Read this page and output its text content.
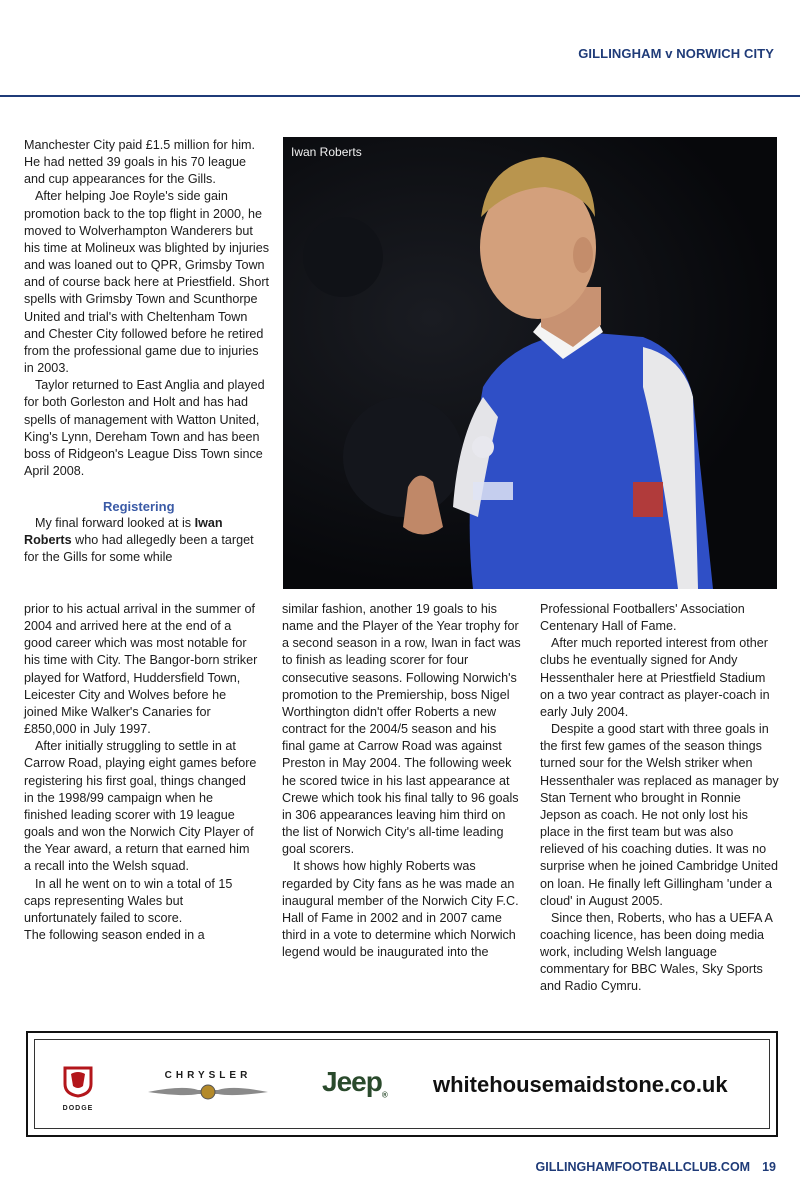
GILLINGHAM v NORWICH CITY

Manchester City paid £1.5 million for him. He had netted 39 goals in his 70 league and cup appearances for the Gills.

After helping Joe Royle's side gain promotion back to the top flight in 2000, he moved to Wolverhampton Wanderers but his time at Molineux was blighted by injuries and was loaned out to QPR, Grimsby Town and of course back here at Priestfield. Short spells with Grimsby Town and Scunthorpe United and trial's with Cheltenham Town and Chester City followed before he retired from the professional game due to injuries in 2003.

Taylor returned to East Anglia and played for both Gorleston and Holt and has had spells of management with Watton United, King's Lynn, Dereham Town and has been boss of Ridgeon's League Diss Town since April 2008.

Registering

My final forward looked at is Iwan Roberts who had allegedly been a target for the Gills for some while

Iwan Roberts

prior to his actual arrival in the summer of 2004 and arrived here at the end of a good career which was most notable for his time with City. The Bangor-born striker played for Watford, Huddersfield Town, Leicester City and Wolves before he joined Mike Walker's Canaries for £850,000 in July 1997.

After initially struggling to settle in at Carrow Road, playing eight games before registering his first goal, things changed in the 1998/99 campaign when he finished leading scorer with 19 league goals and won the Norwich City Player of the Year award, a return that earned him a recall into the Welsh squad.

In all he went on to win a total of 15 caps representing Wales but unfortunately failed to score.

The following season ended in a

similar fashion, another 19 goals to his name and the Player of the Year trophy for a second season in a row, Iwan in fact was to finish as leading scorer for four consecutive seasons. Following Norwich's promotion to the Premiership, boss Nigel Worthington didn't offer Roberts a new contract for the 2004/5 season and his final game at Carrow Road was against Preston in May 2004. The following week he scored twice in his last appearance at Crewe which took his final tally to 96 goals in 306 appearances leaving him third on the list of Norwich City's all-time leading goal scorers.

It shows how highly Roberts was regarded by City fans as he was made an inaugural member of the Norwich City F.C. Hall of Fame in 2002 and in 2007 came third in a vote to determine which Norwich legend would be inaugurated into the

Professional Footballers' Association Centenary Hall of Fame.

After much reported interest from other clubs he eventually signed for Andy Hessenthaler here at Priestfield Stadium on a two year contract as player-coach in early July 2004.

Despite a good start with three goals in the first few games of the season things turned sour for the Welsh striker when Hessenthaler was replaced as manager by Stan Ternent who brought in Ronnie Jepson as coach. He not only lost his place in the first team but was also relieved of his coaching duties. It was no surprise when he joined Cambridge United on loan. He finally left Gillingham 'under a cloud' in August 2005.

Since then, Roberts, who has a UEFA A coaching licence, has been doing media work, including Welsh language commentary for BBC Wales, Sky Sports and Radio Cymru.

DODGE
CHRYSLER	Jeep$_®$ whitehousemaidstone.co.uk
GILLINGHAMFOOTBALLCLUB.COM 19
